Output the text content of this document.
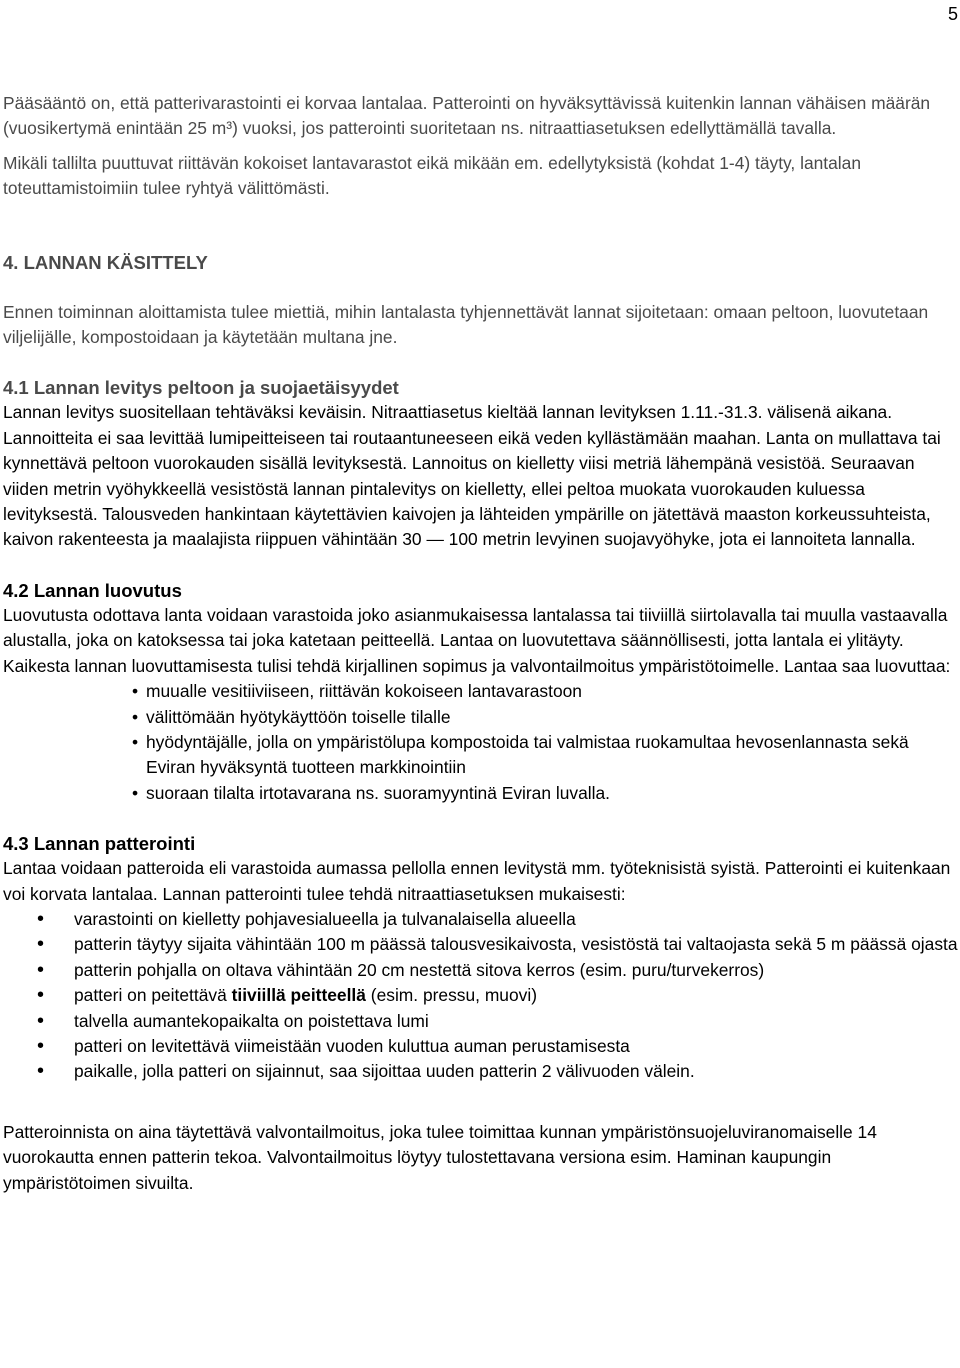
5

Pääsääntö on, että patterivarastointi ei korvaa lantalaa. Patterointi on hyväksyttävissä kuitenkin lannan vähäisen määrän (vuosikertymä enintään 25 m³) vuoksi, jos patterointi suoritetaan ns. nitraattiasetuksen edellyttämällä tavalla.

Mikäli tallilta puuttuvat riittävän kokoiset lantavarastot eikä mikään em. edellytyksistä (kohdat 1-4) täyty, lantalan toteuttamistoimiin tulee ryhtyä välittömästi.

4. LANNAN KÄSITTELY

Ennen toiminnan aloittamista tulee miettiä, mihin lantalasta tyhjennettävät lannat sijoitetaan: omaan peltoon, luovutetaan viljelijälle, kompostoidaan ja käytetään multana jne.

4.1 Lannan levitys peltoon ja suojaetäisyydet

Lannan levitys suositellaan tehtäväksi keväisin. Nitraattiasetus kieltää lannan levityksen 1.11.-31.3. välisenä aikana. Lannoitteita ei saa levittää lumipeitteiseen tai routaantuneeseen eikä veden kyllästämään maahan. Lanta on mullattava tai kynnettävä peltoon vuorokauden sisällä levityksestä. Lannoitus on kielletty viisi metriä lähempänä vesistöä. Seuraavan viiden metrin vyöhykkeellä vesistöstä lannan pintalevitys on kielletty, ellei peltoa muokata vuorokauden kuluessa levityksestä. Talousveden hankintaan käytettävien kaivojen ja lähteiden ympärille on jätettävä maaston korkeussuhteista, kaivon rakenteesta ja maalajista riippuen vähintään 30 — 100 metrin levyinen suojavyöhyke, jota ei lannoiteta lannalla.

4.2 Lannan luovutus

Luovutusta odottava lanta voidaan varastoida joko asianmukaisessa lantalassa tai tiiviillä siirtolavalla tai muulla vastaavalla alustalla, joka on katoksessa tai joka katetaan peitteellä. Lantaa on luovutettava säännöllisesti, jotta lantala ei ylitäyty. Kaikesta lannan luovuttamisesta tulisi tehdä kirjallinen sopimus ja valvontailmoitus ympäristötoimelle. Lantaa saa luovuttaa:

• muualle vesitiiviiseen, riittävän kokoiseen lantavarastoon
• välittömään hyötykäyttöön toiselle tilalle
• hyödyntäjälle, jolla on ympäristölupa kompostoida tai valmistaa ruokamultaa hevosenlannasta sekä Eviran hyväksyntä tuotteen markkinointiin
• suoraan tilalta irtotavarana ns. suoramyyntinä Eviran luvalla.
4.3 Lannan patterointi

Lantaa voidaan patteroida eli varastoida aumassa pellolla ennen levitystä mm. työteknisistä syistä. Patterointi ei kuitenkaan voi korvata lantalaa. Lannan patterointi tulee tehdä nitraattiasetuksen mukaisesti:

• varastointi on kielletty pohjavesialueella ja tulvanalaisella alueella
• patterin täytyy sijaita vähintään 100 m päässä talousvesikaivosta, vesistöstä tai valtaojasta sekä 5 m päässä ojasta
• patterin pohjalla on oltava vähintään 20 cm nestettä sitova kerros (esim. puru/turvekerros)
• patteri on peitettävä tiiviillä peitteellä (esim. pressu, muovi)
• talvella aumantekopaikalta on poistettava lumi
• patteri on levitettävä viimeistään vuoden kuluttua auman perustamisesta
• paikalle, jolla patteri on sijainnut, saa sijoittaa uuden patterin 2 välivuoden välein.

Patteroinnista on aina täytettävä valvontailmoitus, joka tulee toimittaa kunnan ympäristönsuojeluviranomaiselle 14 vuorokautta ennen patterin tekoa. Valvontailmoitus löytyy tulostettavana versiona esim. Haminan kaupungin ympäristötoimen sivuilta.
